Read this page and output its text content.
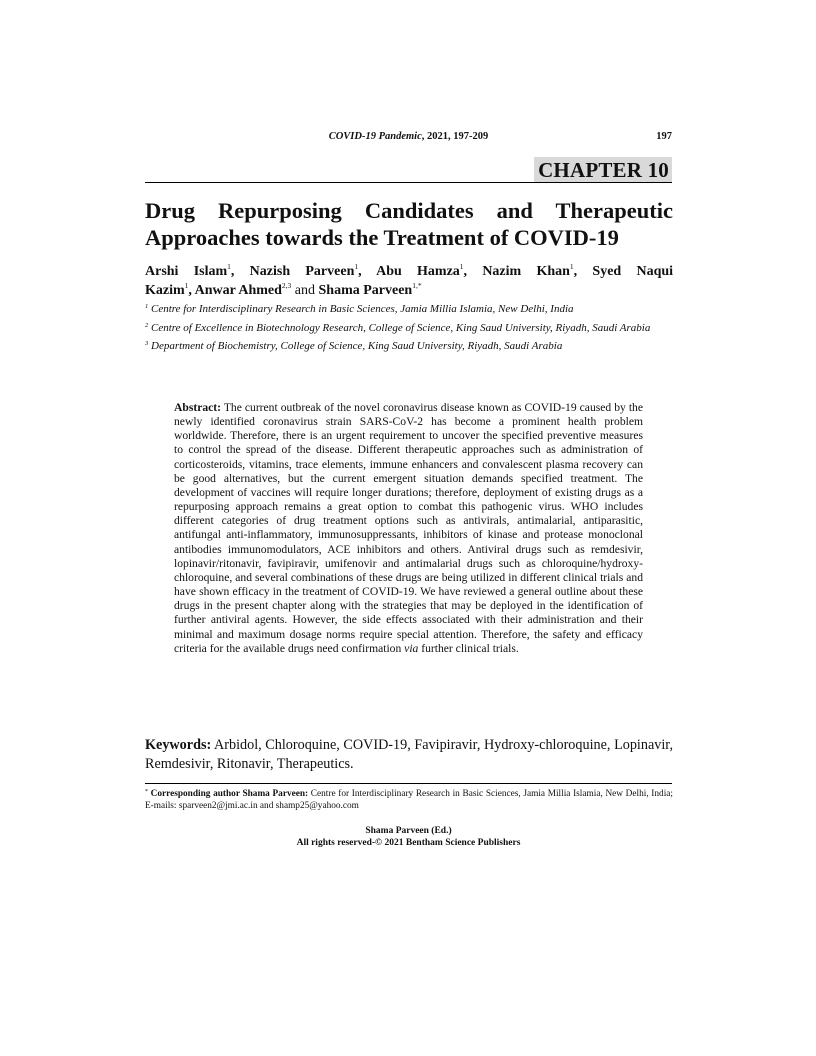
COVID-19 Pandemic, 2021, 197-209	197
CHAPTER 10
Drug Repurposing Candidates and Therapeutic
Approaches towards the Treatment of COVID-19
Arshi Islam$^1$, Nazish Parveen$^1$, Abu Hamza$^1$, Nazim Khan$^1$, Syed Naqui
Kazim$^1$, Anwar Ahmed$^{2,3}$ and Shama Parveen$^{1,*}$
$^1$ Centre for Interdisciplinary Research in Basic Sciences, Jamia Millia Islamia, New Delhi, India
$^2$ Centre of Excellence in Biotechnology Research, College of Science, King Saud University, Riyadh, Saudi Arabia
$^3$ Department of Biochemistry, College of Science, King Saud University, Riyadh, Saudi Arabia
Abstract: The current outbreak of the novel coronavirus disease known as COVID-19 caused by the newly identified coronavirus strain SARS-CoV-2 has become a prominent health problem worldwide. Therefore, there is an urgent requirement to uncover the specified preventive measures to control the spread of the disease. Different therapeutic approaches such as administration of corticosteroids, vitamins, trace elements, immune enhancers and convalescent plasma recovery can be good alternatives, but the current emergent situation demands specified treatment. The development of vaccines will require longer durations; therefore, deployment of existing drugs as a repurposing approach remains a great option to combat this pathogenic virus. WHO includes different categories of drug treatment options such as antivirals, antimalarial, antiparasitic, antifungal anti-inflammatory, immunosuppressants, inhibitors of kinase and protease monoclonal antibodies immunomodulators, ACE inhibitors and others. Antiviral drugs such as remdesivir, lopinavir/ritonavir, favipiravir, umifenovir and antimalarial drugs such as chloroquine/hydroxy-chloroquine, and several combinations of these drugs are being utilized in different clinical trials and have shown efficacy in the treatment of COVID-19. We have reviewed a general outline about these drugs in the present chapter along with the strategies that may be deployed in the identification of further antiviral agents. However, the side effects associated with their administration and their minimal and maximum dosage norms require special attention. Therefore, the safety and efficacy criteria for the available drugs need confirmation via further clinical trials.
Keywords: Arbidol, Chloroquine, COVID-19, Favipiravir, Hydroxy-chloroquine, Lopinavir, Remdesivir, Ritonavir, Therapeutics.
* Corresponding author Shama Parveen: Centre for Interdisciplinary Research in Basic Sciences, Jamia Millia Islamia, New Delhi, India; E-mails: sparveen2@jmi.ac.in and shamp25@yahoo.com
Shama Parveen (Ed.)
All rights reserved-© 2021 Bentham Science Publishers
